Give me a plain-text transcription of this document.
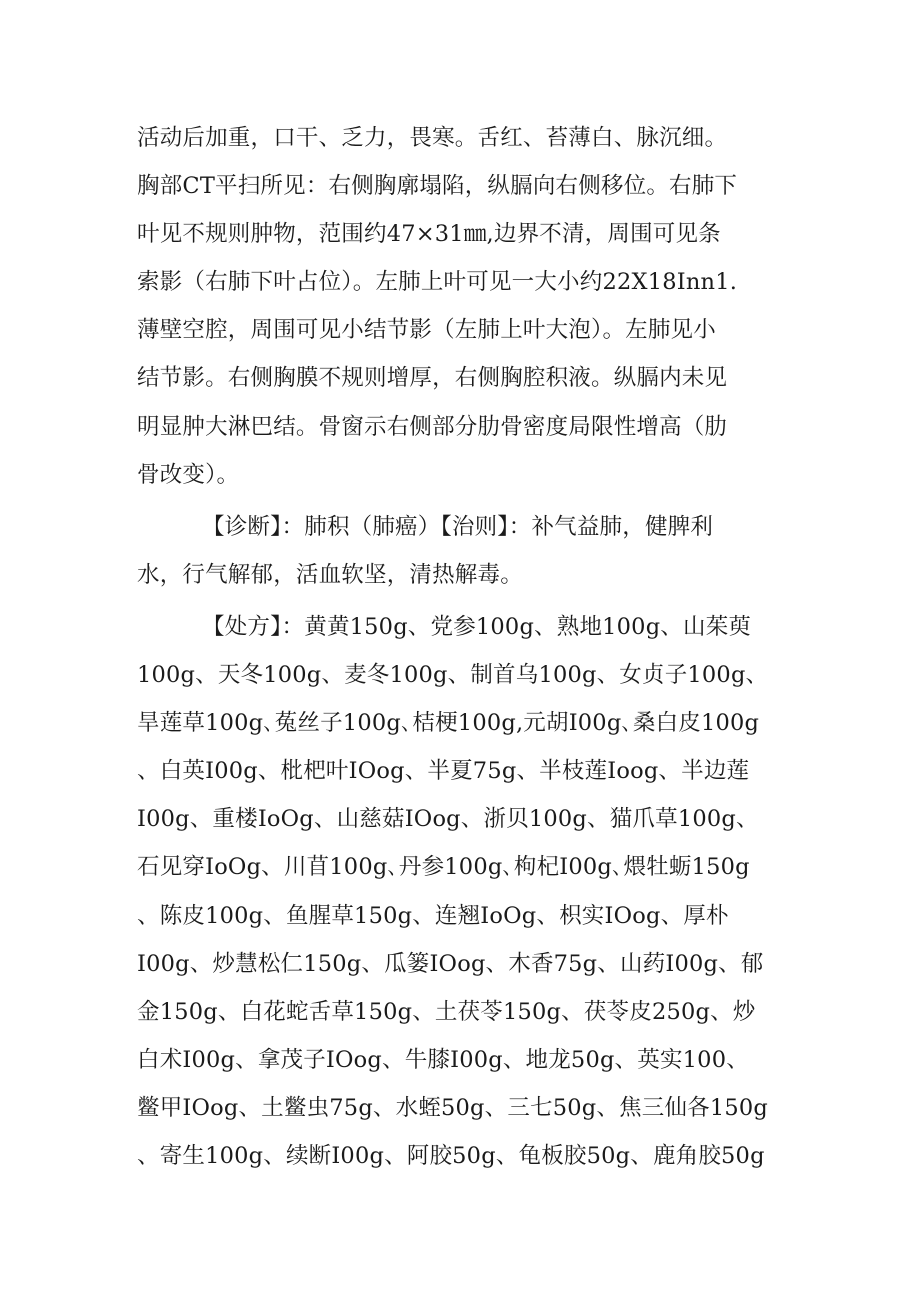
活动后加重，口干、乏力，畏寒。舌红、苔薄白、脉沉细。
胸部CT平扫所见：右侧胸廓塌陷，纵膈向右侧移位。右肺下
叶见不规则肿物，范围约47×31㎜,边界不清，周围可见条
索影（右肺下叶占位）。左肺上叶可见一大小约22X18Inn1.
薄壁空腔，周围可见小结节影（左肺上叶大泡）。左肺见小
结节影。右侧胸膜不规则增厚，右侧胸腔积液。纵膈内未见
明显肿大淋巴结。骨窗示右侧部分肋骨密度局限性增高（肋
骨改变）。
【诊断】：肺积（肺癌）【治则】：补气益肺，健脾利
水，行气解郁，活血软坚，清热解毒。
【处方】：黄黄150g、党参100g、熟地100g、山茱萸
100g、天冬100g、麦冬100g、制首乌100g、女贞子100g、
旱莲草100g､菟丝子100g､桔梗100g,元胡I00g､桑白皮100g
、白英I00g、枇杷叶IOog、半夏75g、半枝莲Ioog、半边莲
I00g、重楼IoOg、山慈菇IOog、浙贝100g、猫爪草100g、
石见穿IoOg、川苜100g､丹参100g､枸杞I00g､煨牡蛎150g
、陈皮100g、鱼腥草150g、连翘IoOg、枳实IOog、厚朴
I00g、炒慧松仁150g、瓜篓IOog、木香75g、山药I00g、郁
金150g、白花蛇舌草150g、土茯苓150g、茯苓皮250g、炒
白术I00g、拿茂子IOog、牛膝I00g、地龙50g、英实100、
鳖甲IOog、土鳖虫75g、水蛭50g、三七50g、焦三仙各150g
、寄生100g、续断I00g、阿胶50g、龟板胶50g、鹿角胶50g
